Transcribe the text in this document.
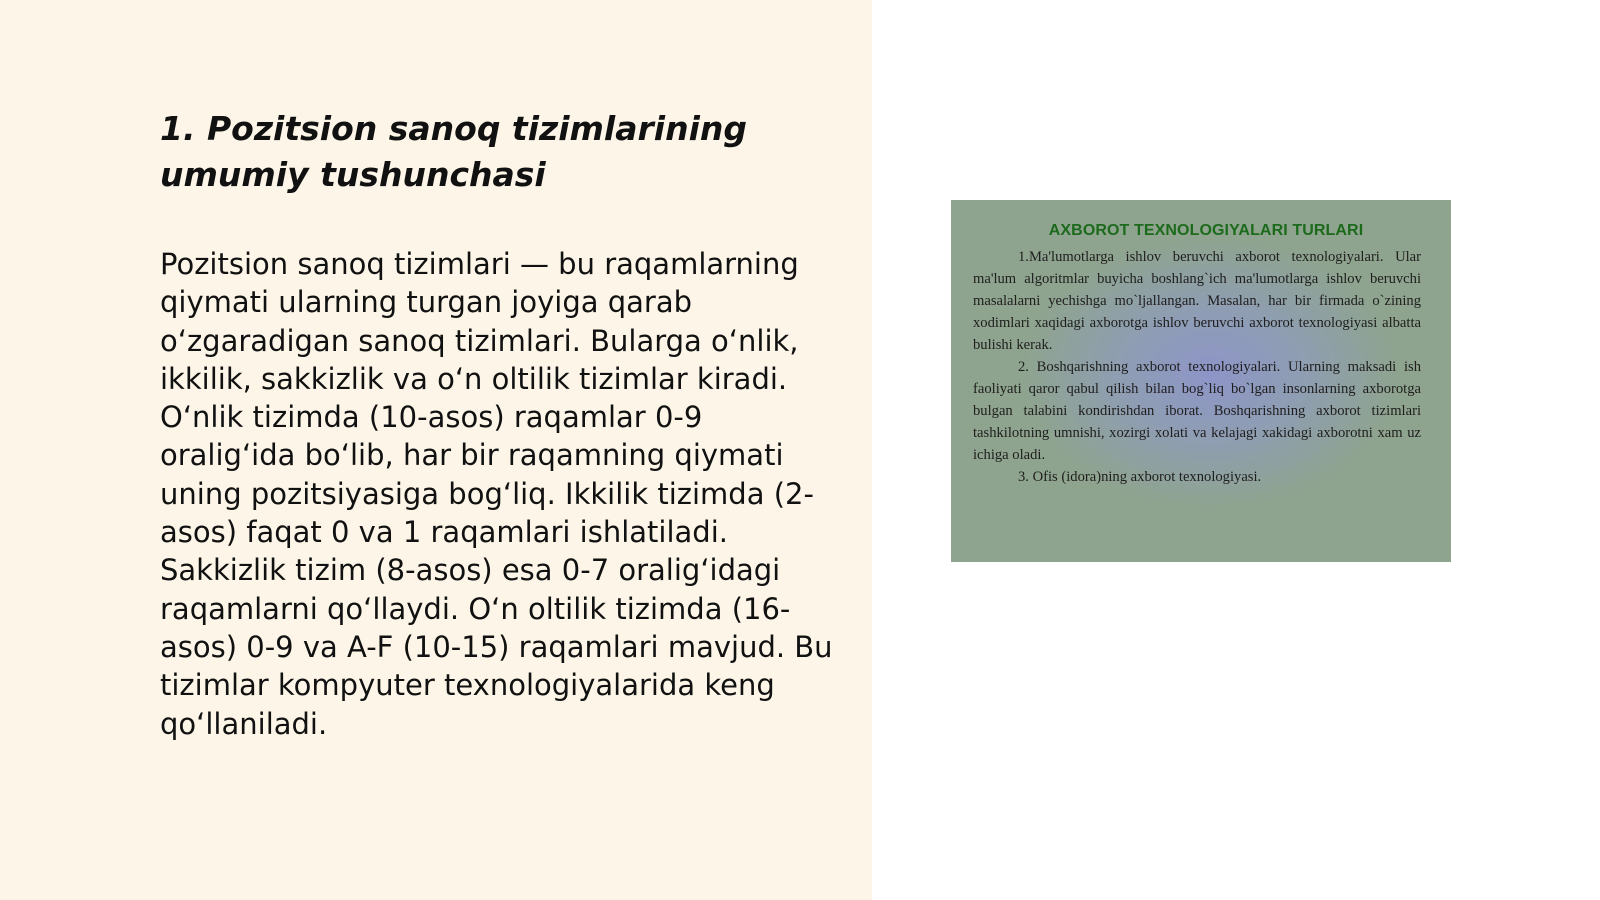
1. Pozitsion sanoq tizimlarining
umumiy tushunchasi

Pozitsion sanoq tizimlari — bu raqamlarning qiymati ularning turgan joyiga qarab o‘zgaradigan sanoq tizimlari. Bularga o‘nlik, ikkilik, sakkizlik va o‘n oltilik tizimlar kiradi. O‘nlik tizimda (10-asos) raqamlar 0-9 oralig‘ida bo‘lib, har bir raqamning qiymati uning pozitsiyasiga bog‘liq. Ikkilik tizimda (2-asos) faqat 0 va 1 raqamlari ishlatiladi. Sakkizlik tizim (8-asos) esa 0-7 oralig‘idagi raqamlarni qo‘llaydi. O‘n oltilik tizimda (16-asos) 0-9 va A-F (10-15) raqamlari mavjud. Bu tizimlar kompyuter texnologiyalarida keng qo‘llaniladi.

AXBOROT TEXNOLOGIYALARI TURLARI

1.Ma'lumotlarga ishlov beruvchi axborot texnologiyalari. Ular ma'lum algoritmlar buyicha boshlang`ich ma'lumotlarga ishlov beruvchi masalalarni yechishga mo`ljallangan. Masalan, har bir firmada o`zining xodimlari xaqidagi axborotga ishlov beruvchi axborot texnologiyasi albatta bulishi kerak.

2. Boshqarishning axborot texnologiyalari. Ularning maksadi ish faoliyati qaror qabul qilish bilan bog`liq bo`lgan insonlarning axborotga bulgan talabini kondirishdan iborat. Boshqarishning axborot tizimlari tashkilotning umnishi, xozirgi xolati va kelajagi xakidagi axborotni xam uz ichiga oladi.

3. Ofis (idora)ning axborot texnologiyasi.
